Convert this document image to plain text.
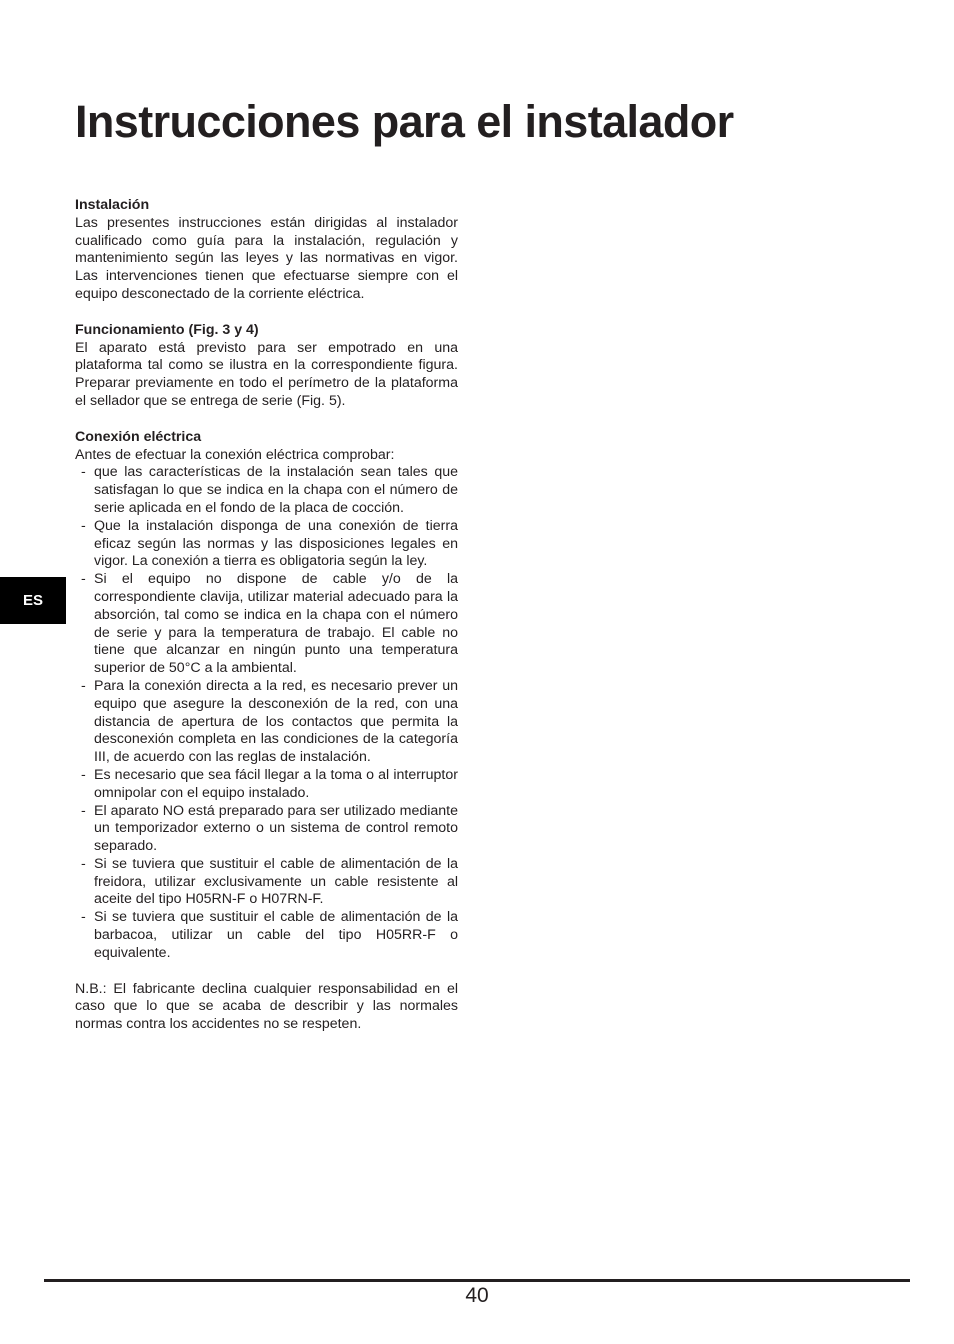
Instrucciones para el instalador
ES

Instalación

Las presentes instrucciones están dirigidas al instalador cualificado como guía para la instalación, regulación y mantenimiento según las leyes y las normativas en vigor. Las intervenciones tienen que efectuarse siempre con el equipo desconectado de la corriente eléctrica.

Funcionamiento (Fig. 3 y 4)

El aparato está previsto para ser empotrado en una plataforma tal como se ilustra en la correspondiente figura. Preparar previamente en todo el perímetro de la plataforma el sellador que se entrega de serie (Fig. 5).

Conexión eléctrica

Antes de efectuar la conexión eléctrica comprobar:

- que las características de la instalación sean tales que satisfagan lo que se indica en la chapa con el número de serie aplicada en el fondo de la placa de cocción.
- Que la instalación disponga de una conexión de tierra eficaz según las normas y las disposiciones legales en vigor. La conexión a tierra es obligatoria según la ley.
- Si el equipo no dispone de cable y/o de la correspondiente clavija, utilizar material adecuado para la absorción, tal como se indica en la chapa con el número de serie y para la temperatura de trabajo. El cable no tiene que alcanzar en ningún punto una temperatura superior de 50°C a la ambiental.
- Para la conexión directa a la red, es necesario prever un equipo que asegure la desconexión de la red, con una distancia de apertura de los contactos que permita la desconexión completa en las condiciones de la categoría III, de acuerdo con las reglas de instalación.
- Es necesario que sea fácil llegar a la toma o al interruptor omnipolar con el equipo instalado.
- El aparato NO está preparado para ser utilizado mediante un temporizador externo o un sistema de control remoto separado.
- Si se tuviera que sustituir el cable de alimentación de la freidora, utilizar exclusivamente un cable resistente al aceite del tipo H05RN-F o H07RN-F.
- Si se tuviera que sustituir el cable de alimentación de la barbacoa, utilizar un cable del tipo H05RR-F o equivalente.

N.B.: El fabricante declina cualquier responsabilidad en el caso que lo que se acaba de describir y las normales normas contra los accidentes no se respeten.

40
